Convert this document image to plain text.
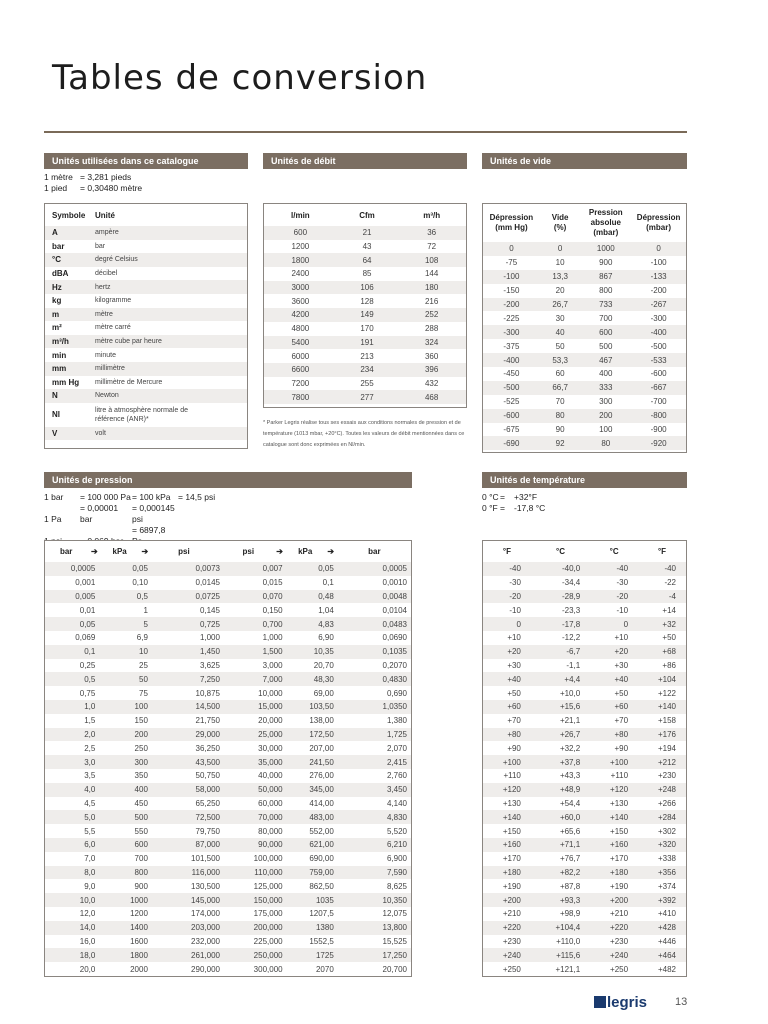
Tables de conversion
Unités utilisées dans ce catalogue
1 mètre = 3,281 pieds
1 pied = 0,30480 mètre
Symbole	Unité
A	ampère
bar	bar
°C	degré Celsius
dBA	décibel
Hz	hertz
kg	kilogramme
m	mètre
m²	mètre carré
m³/h	mètre cube par heure
min	minute
mm	millimètre
mm Hg	millimètre de Mercure
N	Newton
Nl	litre à atmosphère normale de référence (ANR)*
V	volt
Unités de débit
l/min	Cfm	m³/h
600	21	36
1200	43	72
1800	64	108
2400	85	144
3000	106	180
3600	128	216
4200	149	252
4800	170	288
5400	191	324
6000	213	360
6600	234	396
7200	255	432
7800	277	468
* Parker Legris réalise tous ses essais aux conditions normales de pression et de température (1013 mbar, +20°C). Toutes les valeurs de débit mentionnées dans ce catalogue sont donc exprimées en Nl/min.
Unités de vide
Dépression (mm Hg)	Vide (%)	Pression absolue (mbar)	Dépression (mbar)
0	0	1000	0
-75	10	900	-100
-100	13,3	867	-133
-150	20	800	-200
-200	26,7	733	-267
-225	30	700	-300
-300	40	600	-400
-375	50	500	-500
-400	53,3	467	-533
-450	60	400	-600
-500	66,7	333	-667
-525	70	300	-700
-600	80	200	-800
-675	90	100	-900
-690	92	80	-920
Unités de pression
1 bar = 100 000 Pa= 100 kPa = 14,5 psi
1 Pa= 0,00001 bar= 0,000145 psi
= 6897,8
bar	➔	kPa	➔	psi		psi	➔	kPa	➔	bar
0,0005		0,05		0,0073		0,007		0,05		0,0005
0,001		0,10		0,0145		0,015		0,1		0,0010
0,005		0,5		0,0725		0,070		0,48		0,0048
0,01		1		0,145		0,150		1,04		0,0104
0,05		5		0,725		0,700		4,83		0,0483
0,069		6,9		1,000		1,000		6,90		0,0690
0,1		10		1,450		1,500		10,35		0,1035
0,25		25		3,625		3,000		20,70		0,2070
0,5		50		7,250		7,000		48,30		0,4830
0,75		75		10,875		10,000		69,00		0,690
1,0		100		14,500		15,000		103,50		1,0350
1,5		150		21,750		20,000		138,00		1,380
2,0		200		29,000		25,000		172,50		1,725
2,5		250		36,250		30,000		207,00		2,070
3,0		300		43,500		35,000		241,50		2,415
3,5		350		50,750		40,000		276,00		2,760
4,0		400		58,000		50,000		345,00		3,450
4,5		450		65,250		60,000		414,00		4,140
5,0		500		72,500		70,000		483,00		4,830
5,5		550		79,750		80,000		552,00		5,520
6,0		600		87,000		90,000		621,00		6,210
7,0		700		101,500		100,000		690,00		6,900
8,0		800		116,000		110,000		759,00		7,590
9,0		900		130,500		125,000		862,50		8,625
10,0		1000		145,000		150,000		1035		10,350
12,0		1200		174,000		175,000		1207,5		12,075
14,0		1400		203,000		200,000		1380		13,800
16,0		1600		232,000		225,000		1552,5		15,525
18,0		1800		261,000		250,000		1725		17,250
20,0		2000		290,000		300,000		2070		20,700
Unités de température
0 °C= +32°F
0 °F = -17,8 °C
°F	°C	°C	°F
-40	-40,0	-40	-40
-30	-34,4	-30	-22
-20	-28,9	-20	-4
-10	-23,3	-10	+14
0	-17,8	0	+32
+10	-12,2	+10	+50
+20	-6,7	+20	+68
+30	-1,1	+30	+86
+40	+4,4	+40	+104
+50	+10,0	+50	+122
+60	+15,6	+60	+140
+70	+21,1	+70	+158
+80	+26,7	+80	+176
+90	+32,2	+90	+194
+100	+37,8	+100	+212
+110	+43,3	+110	+230
+120	+48,9	+120	+248
+130	+54,4	+130	+266
+140	+60,0	+140	+284
+150	+65,6	+150	+302
+160	+71,1	+160	+320
+170	+76,7	+170	+338
+180	+82,2	+180	+356
+190	+87,8	+190	+374
+200	+93,3	+200	+392
+210	+98,9	+210	+410
+220	+104,4	+220	+428
+230	+110,0	+230	+446
+240	+115,6	+240	+464
+250	+121,1	+250	+482
legris	13
